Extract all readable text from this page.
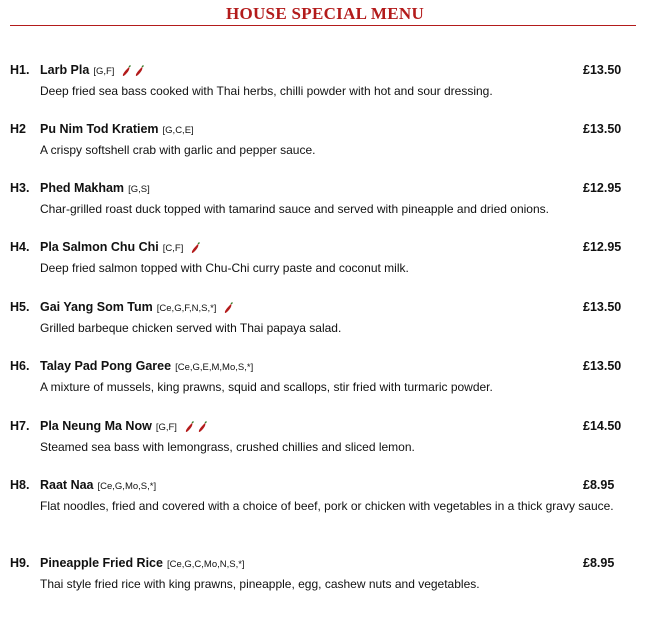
HOUSE SPECIAL MENU
H1. Larb Pla [G,F]	£13.50
Deep fried sea bass cooked with Thai herbs, chilli powder with hot and sour dressing.
H2 Pu Nim Tod Kratiem [G,C,E]	£13.50
A crispy softshell crab with garlic and pepper sauce.
H3. Phed Makham [G,S]	£12.95
Char-grilled roast duck topped with tamarind sauce and served with pineapple and dried onions.
H4. Pla Salmon Chu Chi [C,F]	£12.95
Deep fried salmon topped with Chu-Chi curry paste and coconut milk.
H5. Gai Yang Som Tum [Ce,G,F,N,S,*]	£13.50
Grilled barbeque chicken served with Thai papaya salad.
H6. Talay Pad Pong Garee [Ce,G,E,M,Mo,S,*]	£13.50
A mixture of mussels, king prawns, squid and scallops, stir fried with turmaric powder.
H7. Pla Neung Ma Now [G,F]	£14.50
Steamed sea bass with lemongrass, crushed chillies and sliced lemon.
H8. Raat Naa [Ce,G,Mo,S,*]	£8.95
Flat noodles, fried and covered with a choice of beef, pork or chicken with vegetables in a thick gravy sauce.
H9. Pineapple Fried Rice [Ce,G,C,Mo,N,S,*]	£8.95
Thai style fried rice with king prawns, pineapple, egg, cashew nuts and vegetables.
